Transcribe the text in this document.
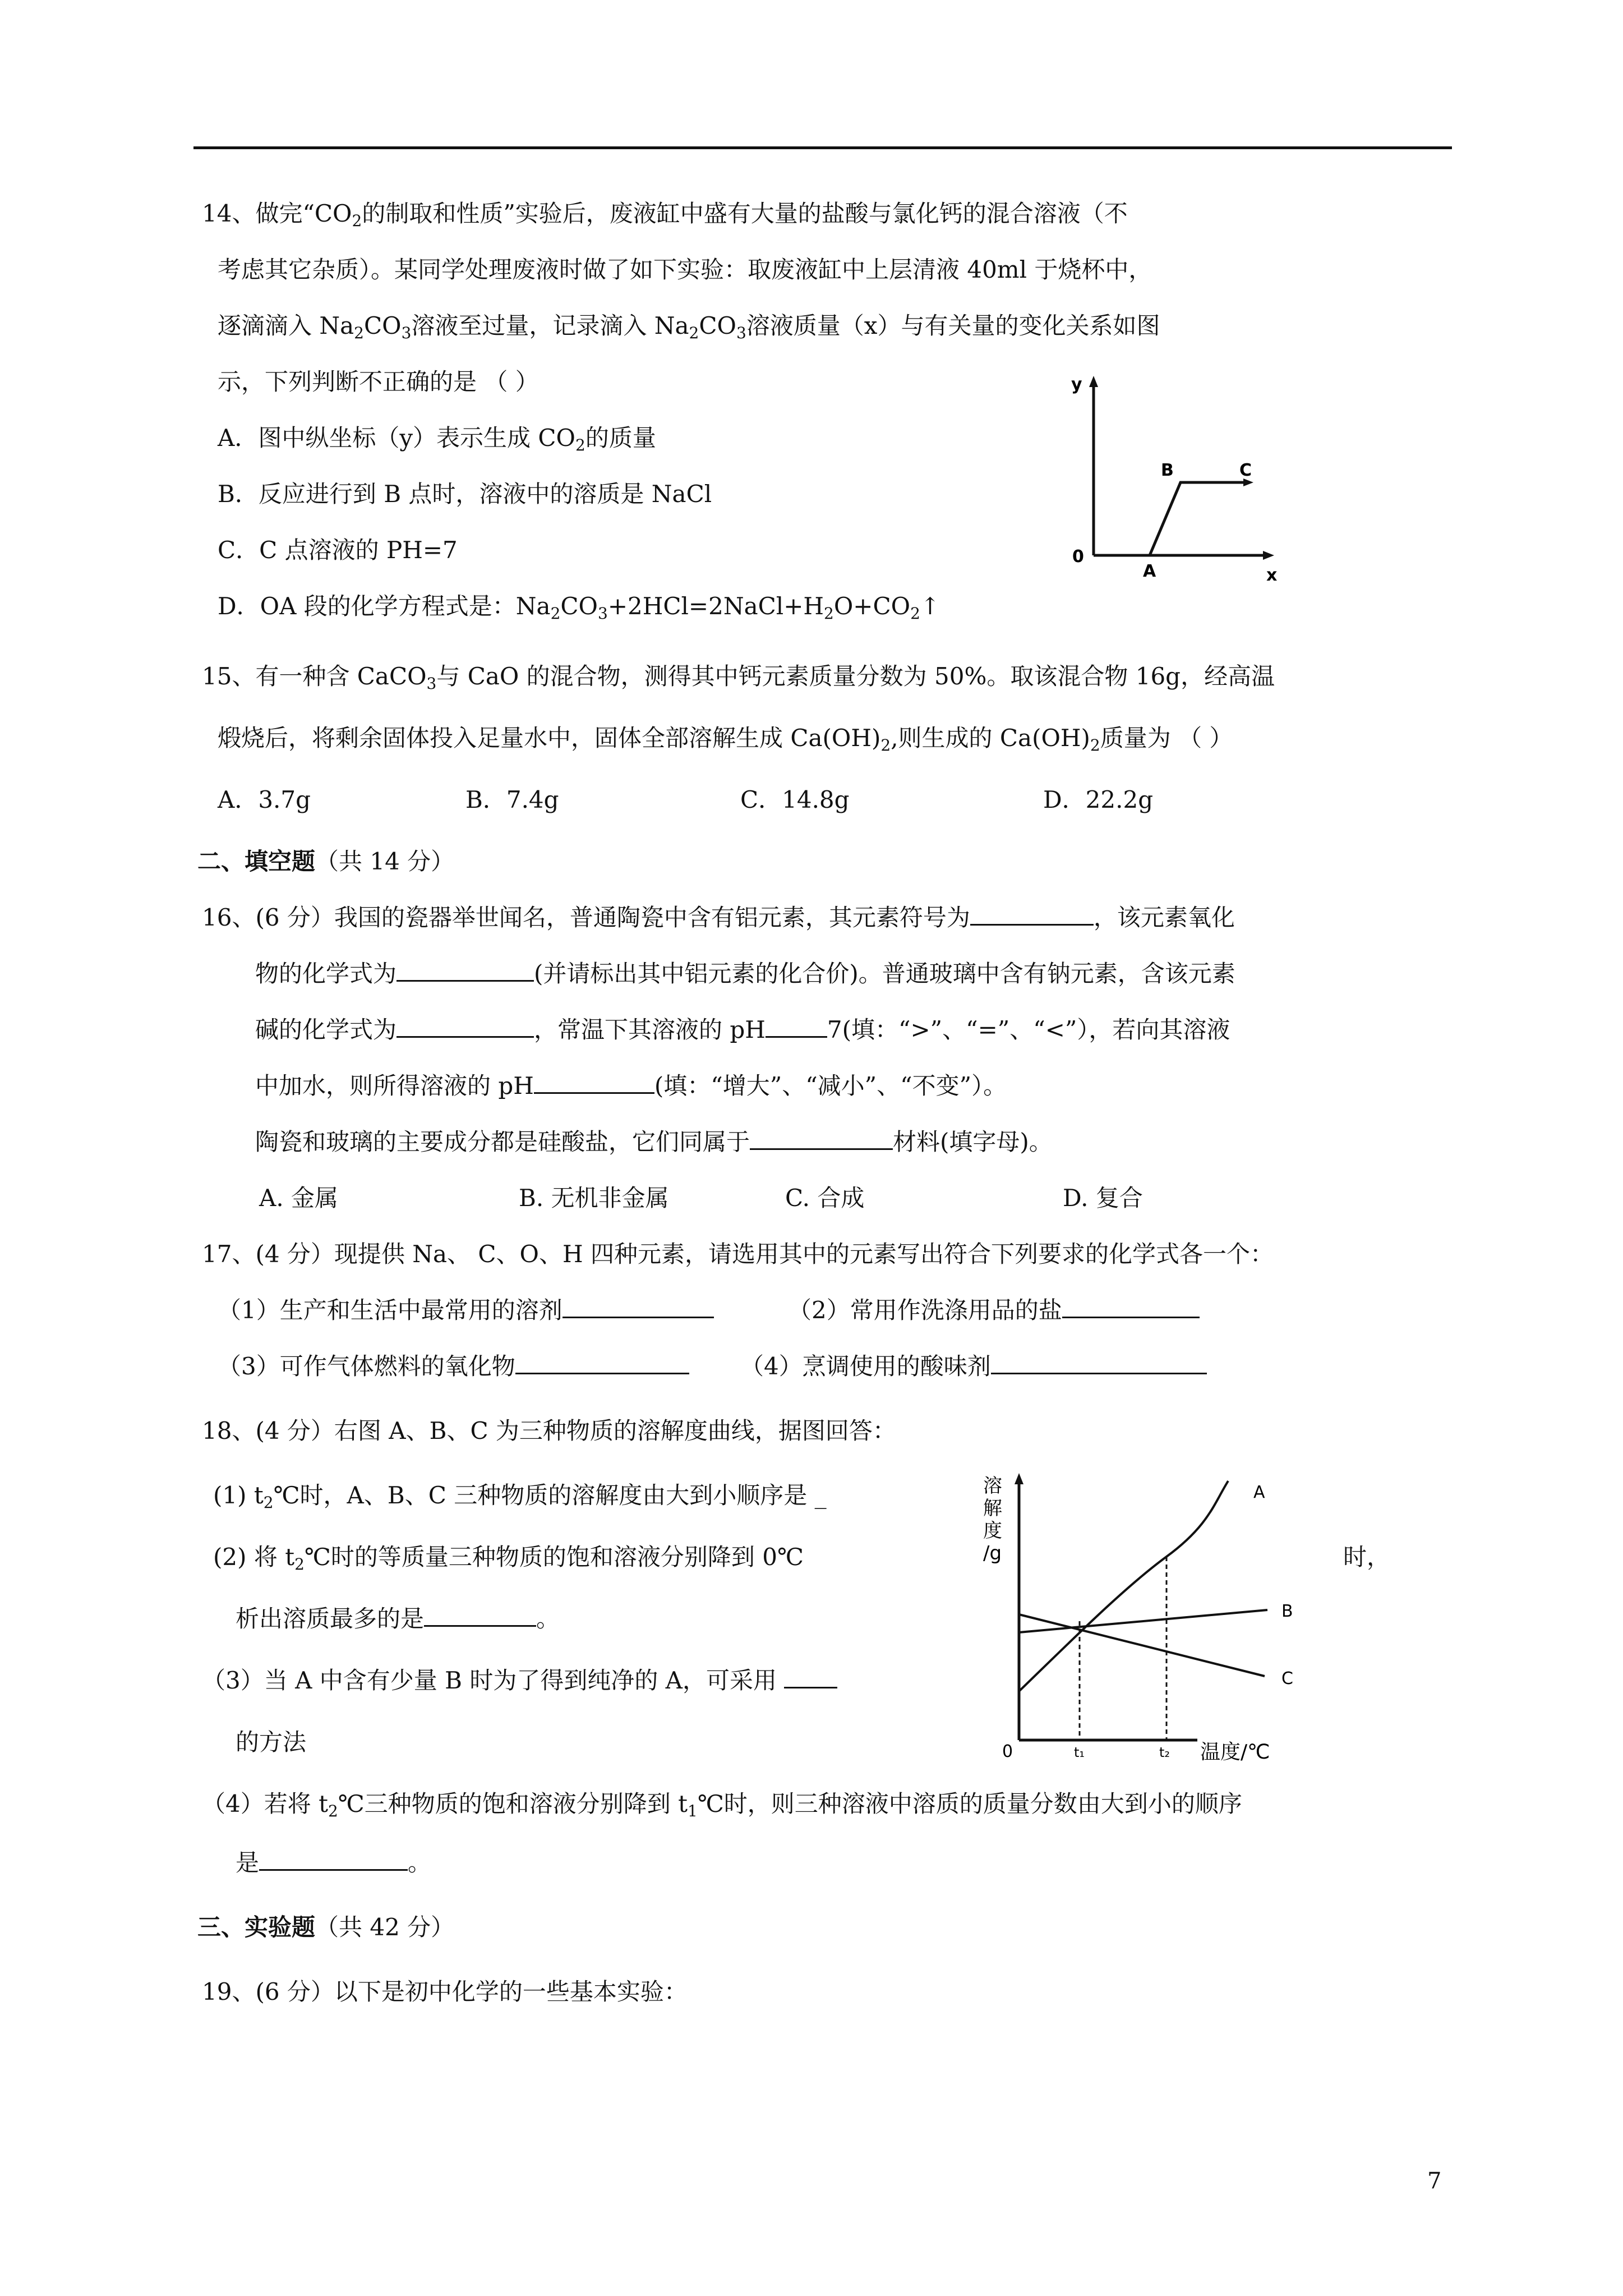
14、做完“$CO_2$的制取和性质”实验后，废液缸中盛有大量的盐酸与氯化钙的混合溶液（不
考虑其它杂质）。某同学处理废液时做了如下实验：取废液缸中上层清液 40ml 于烧杯中，
逐滴滴入 $Na_2CO_3$溶液至过量，记录滴入 $Na_2CO_3$溶液质量（x）与有关量的变化关系如图
示，下列判断不正确的是 （ ）
A．图中纵坐标（y）表示生成 $CO_2$的质量
B．反应进行到 B 点时，溶液中的溶质是 NaCl
C．C 点溶液的 PH=7
D．OA 段的化学方程式是：$Na_2CO_3+2HCl=2NaCl+H_2O+CO_2↑$
y
x
0
A
B	C
15、有一种含 CaCO$_3$与 CaO 的混合物，测得其中钙元素质量分数为 50%。取该混合物 16g，经高温
煅烧后，将剩余固体投入足量水中，固体全部溶解生成 $Ca(OH)_2$,则生成的 $Ca(OH)_2$质量为 （ ）
A．3.7g	B．7.4g	C．14.8g	D．22.2g
二、填空题（共 14 分）
16、(6 分）我国的瓷器举世闻名，普通陶瓷中含有铝元素，其元素符号为	，该元素氧化
物的化学式为	(并请标出其中铝元素的化合价)。普通玻璃中含有钠元素，含该元素
碱的化学式为	，常温下其溶液的 pH	7(填：“>”、“=”、“<”），若向其溶液
中加水，则所得溶液的 pH	(填：“增大”、“减小”、“不变”）。
陶瓷和玻璃的主要成分都是硅酸盐，它们同属于	材料(填字母)。
A. 金属	B. 无机非金属	C. 合成	D. 复合
17、(4 分）现提供 Na、 C、O、H 四种元素，请选用其中的元素写出符合下列要求的化学式各一个：
（1）生产和生活中最常用的溶剂	（2）常用作洗涤用品的盐
（3）可作气体燃料的氧化物	（4）烹调使用的酸味剂
18、(4 分）右图 A、B、C 为三种物质的溶解度曲线，据图回答：
(1) $t_2℃$时，A、B、C 三种物质的溶解度由大到小顺序是 _
(2) 将 $t_2℃$时的等质量三种物质的饱和溶液分别降到 0℃	时，
析出溶质最多的是	。
（3）当 A 中含有少量 B 时为了得到纯净的 A，可采用
的方法
（4）若将 $t_2℃$三种物质的饱和溶液分别降到 $t_1℃$时，则三种溶液中溶质的质量分数由大到小的顺序
是	。
溶
解
度
/g
A
B
C
0	t₁	t₂ 温度/℃
三、实验题（共 42 分）
19、(6 分）以下是初中化学的一些基本实验：
7
